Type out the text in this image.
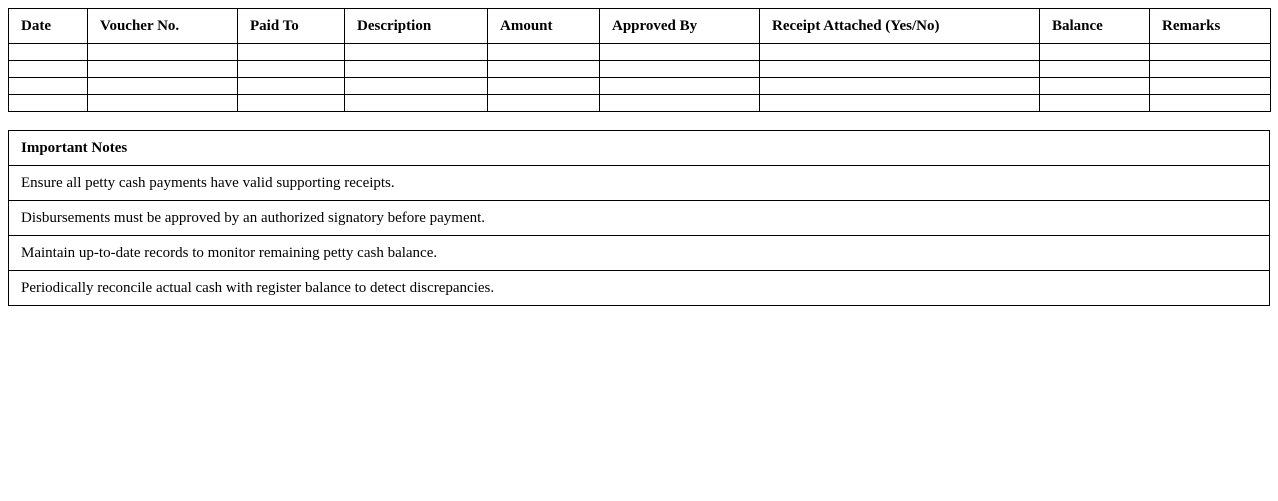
Date	Voucher No.	Paid To	Description	Amount	Approved By	Receipt Attached (Yes/No)	Balance	Remarks

Important Notes
Ensure all petty cash payments have valid supporting receipts.
Disbursements must be approved by an authorized signatory before payment.
Maintain up-to-date records to monitor remaining petty cash balance.
Periodically reconcile actual cash with register balance to detect discrepancies.
